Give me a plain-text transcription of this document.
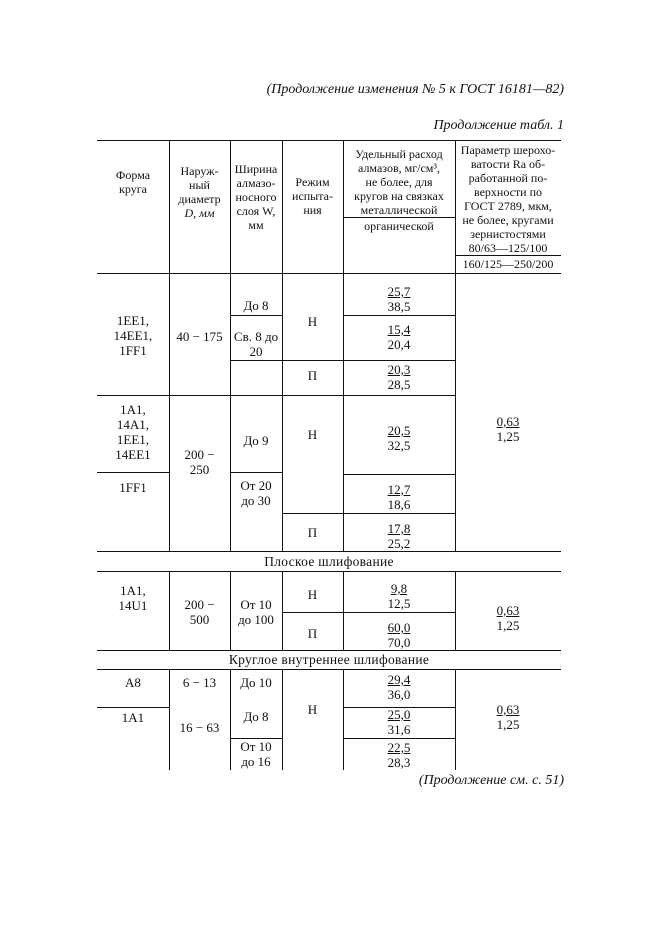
(Продолжение изменения № 5 к ГОСТ 16181—82)
Продолжение табл. 1
Форма круга
Наруж-
ный
диаметр
D, мм
Ширина
алмазо-
носного
слоя W,
мм
Режим
испыта-
ния
Удельный расход
алмазов, мг/см³,
не более, для
кругов на связках
металлической
органической
Параметр шерохо-
ватости Ra об-
работанной по-
верхности по
ГОСТ 2789, мкм,
не более, кругами
зернистостями
80/63—125/100
160/125—250/200
1ЕЕ1,
14ЕЕ1,
1FF1
40 − 175
До 8
Св. 8 до
20
Н
П
$\frac{25,7}{38,5}$
$\frac{15,4}{20,4}$
$\frac{20,3}{28,5}$
1А1,
14А1,
1ЕЕ1,
14ЕЕ1
1FF1
200 −
250
До 9
От 20
до 30
Н
П
$\frac{20,5}{32,5}$
$\frac{12,7}{18,6}$
$\frac{17,8}{25,2}$
$\frac{0,63}{1,25}$
Плоское шлифование
1А1,
14U1	200 −
500
От 10
до 100
Н
П
$\frac{9,8}{12,5}$
$\frac{60,0}{70,0}$
$\frac{0,63}{1,25}$
Круглое внутреннее шлифование
А8
1А1
6 − 13
16 − 63
До 10
До 8
От 10
до 16
Н
$\frac{29,4}{36,0}$
$\frac{25,0}{31,6}$
$\frac{22,5}{28,3}$
$\frac{0,63}{1,25}$
(Продолжение см. с. 51)
